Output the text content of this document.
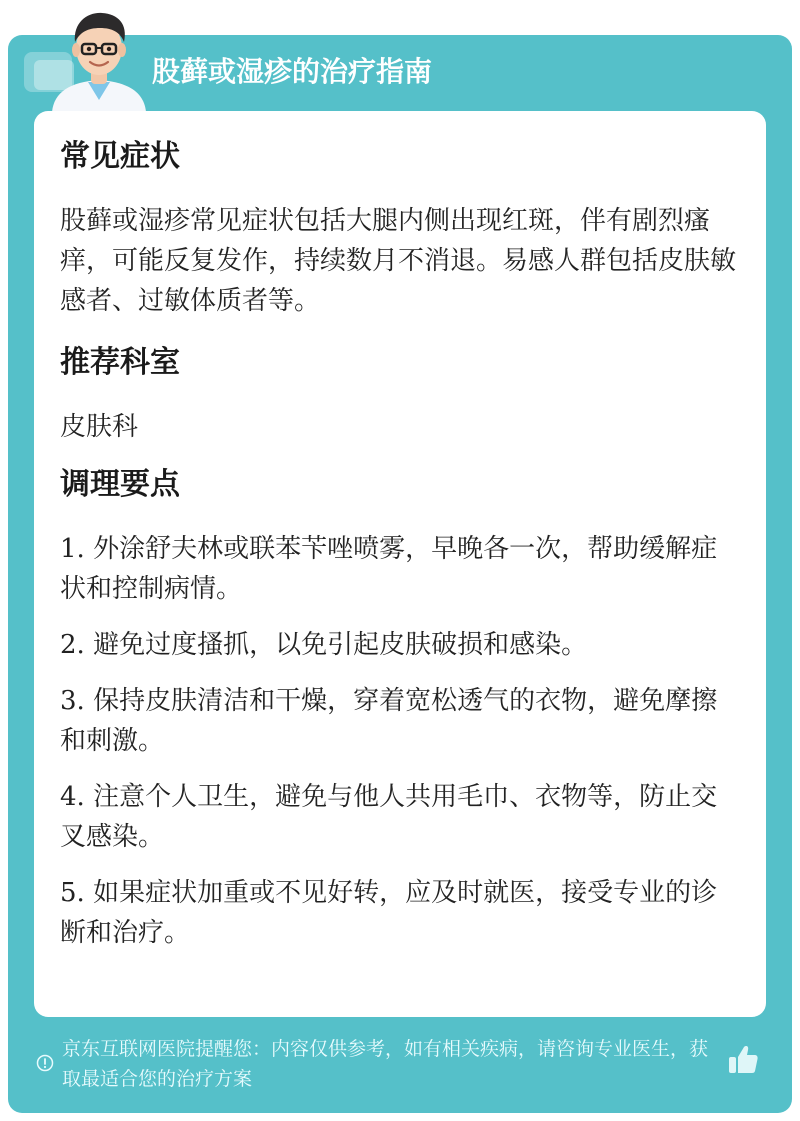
股藓或湿疹的治疗指南
常见症状
股藓或湿疹常见症状包括大腿内侧出现红斑，伴有剧烈瘙痒，可能反复发作，持续数月不消退。易感人群包括皮肤敏感者、过敏体质者等。
推荐科室
皮肤科
调理要点
1. 外涂舒夫林或联苯苄唑喷雾，早晚各一次，帮助缓解症状和控制病情。
2. 避免过度搔抓，以免引起皮肤破损和感染。
3. 保持皮肤清洁和干燥，穿着宽松透气的衣物，避免摩擦和刺激。
4. 注意个人卫生，避免与他人共用毛巾、衣物等，防止交叉感染。
5. 如果症状加重或不见好转，应及时就医，接受专业的诊断和治疗。
京东互联网医院提醒您：内容仅供参考，如有相关疾病，请咨询专业医生，获取最适合您的治疗方案
